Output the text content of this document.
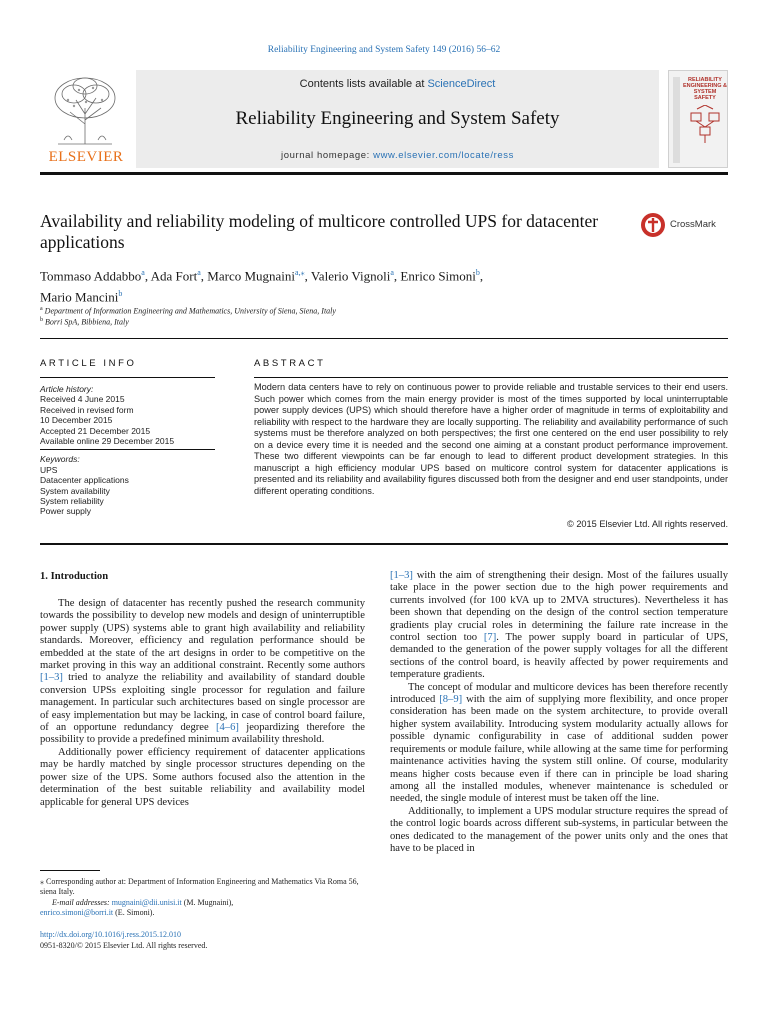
Reliability Engineering and System Safety 149 (2016) 56–62
ELSEVIER
Contents lists available at ScienceDirect
Reliability Engineering and System Safety
journal homepage: www.elsevier.com/locate/ress
RELIABILITY ENGINEERING & SYSTEM SAFETY
Availability and reliability modeling of multicore controlled UPS for datacenter applications
CrossMark
Tommaso Addabbo$^a$, Ada Fort$^a$, Marco Mugnaini$^{a,⁎}$, Valerio Vignoli$^a$, Enrico Simoni$^b$,
Mario Mancini$^b$
$^a$ Department of Information Engineering and Mathematics, University of Siena, Siena, Italy
$^b$ Borri SpA, Bibbiena, Italy
ARTICLE INFO	ABSTRACT
Article history:
Received 4 June 2015
Received in revised form
10 December 2015
Accepted 21 December 2015
Available online 29 December 2015
Keywords:
UPS
Datacenter applications
System availability
System reliability
Power supply
Modern data centers have to rely on continuous power to provide reliable and trustable services to their end users. Such power which comes from the main energy provider is most of the times supported by local uninterruptable power supply devices (UPS) which should therefore have a higher order of magnitude in terms of exploitability and reliability with respect to the hardware they are locally supporting. The reliability and availability performance of such systems must be therefore analyzed on both perspectives; the first one centered on the end user possibility to rely on a device every time it is needed and the second one aiming at a constant product performance improvement. These two different viewpoints can be far enough to lead to different product development strategies. In this manuscript a high efficiency modular UPS based on multicore control system for datacenter applications is presented and its reliability and availability figures discussed both from the designer and end user standpoints, under different operating conditions.
© 2015 Elsevier Ltd. All rights reserved.
1. Introduction

The design of datacenter has recently pushed the research community towards the possibility to develop new models and design of uninterruptible power supply (UPS) systems able to grant high availability and reliability standards. Moreover, efficiency and regulation performance should be embedded at the state of the art designs in order to be competitive on the market proving in this way an additional constraint. Recently some authors [1–3] tried to analyze the reliability and availability of standard double conversion UPSs exploiting single processor for regulation and failure management. In particular such architectures based on single processor are of easy implementation but may be lacking, in case of control board failure, of an opportune redundancy degree [4–6] jeopardizing therefore the possibility to provide a predefined minimum availability threshold.

Additionally power efficiency requirement of datacenter applications may be hardly matched by single processor structures depending on the power size of the UPS. Some authors focused also the attention in the determination of the best suitable reliability and availability model applicable for general UPS devices

⁎ Corresponding author at: Department of Information Engineering and Mathematics Via Roma 56, siena Italy.
E-mail addresses: mugnaini@dii.unisi.it (M. Mugnaini),
enrico.simoni@borri.it (E. Simoni).
http://dx.doi.org/10.1016/j.ress.2015.12.010
0951-8320/© 2015 Elsevier Ltd. All rights reserved.

[1–3] with the aim of strengthening their design. Most of the failures usually take place in the power section due to the high power requirements and currents involved (for 100 kVA up to 2MVA structures). Nevertheless it has been shown that depending on the design of the control section temperature gradients play crucial roles in determining the failure rate increase in the control section too [7]. The power supply board in particular of UPS, demanded to the generation of the power supply voltages for all the different sections of the control board, is heavily affected by power requirements and temperature gradients.

The concept of modular and multicore devices has been therefore recently introduced [8–9] with the aim of supplying more flexibility, and once proper consideration has been made on the system architecture, to provide overall higher system availability. Introducing system modularity actually allows for possible dynamic configurability in case of additional sudden power requirements or module failure, while allowing at the same time for performing maintenance activities having the system still online. Of course, modularity means higher costs because even if there can in principle be load sharing among all the installed modules, whenever maintenance is scheduled or needed, the single module of interest must be taken off the line.

Additionally, to implement a UPS modular structure requires the spread of the control logic boards across different sub-systems, in particular between the ones dedicated to the management of the power units only and the ones that have to be placed in
